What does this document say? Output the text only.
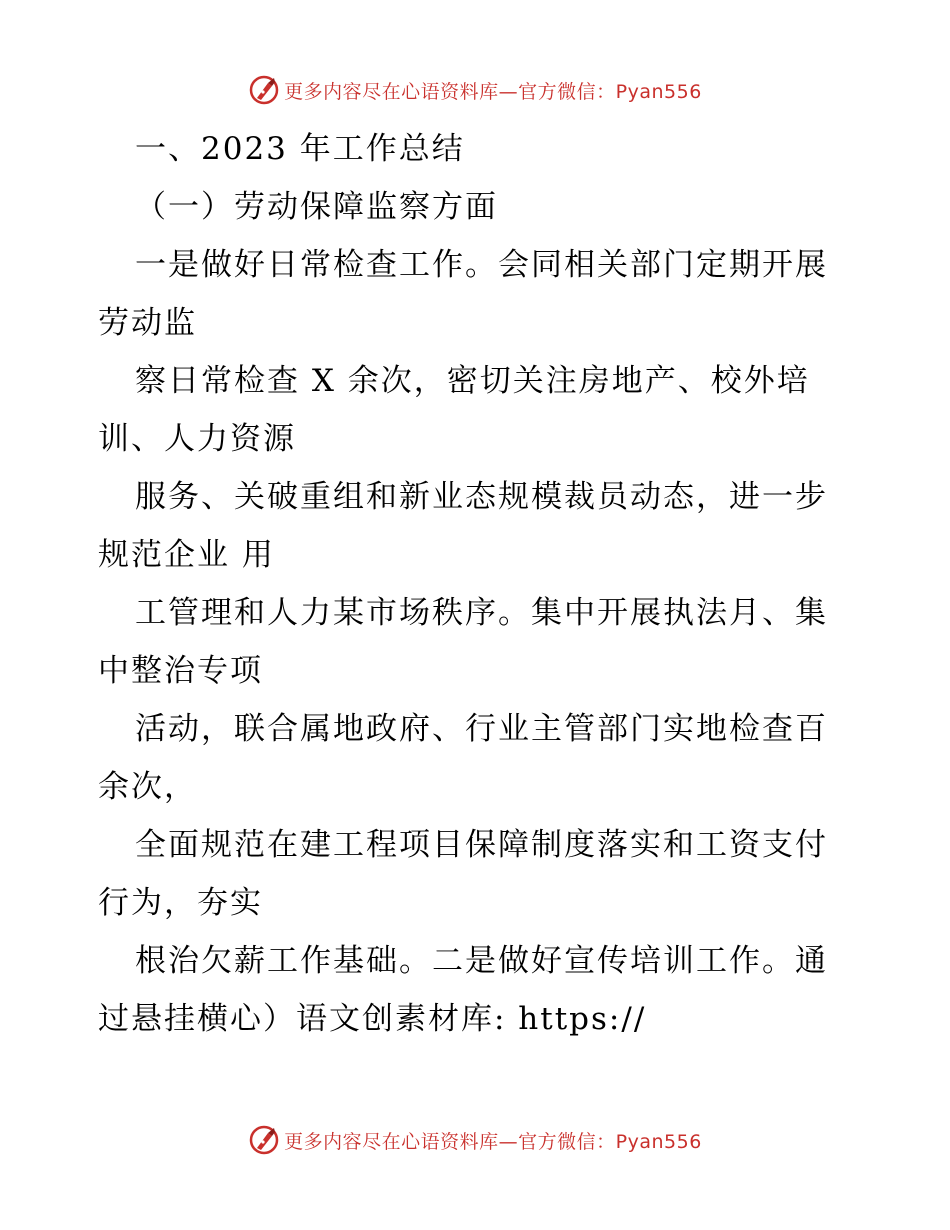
更多内容尽在心语资料库—官方微信：Pyan556
一、2023 年工作总结
（一）劳动保障监察方面
一是做好日常检查工作。会同相关部门定期开展
劳动监
察日常检查 X 余次，密切关注房地产、校外培
训、人力资源
服务、关破重组和新业态规模裁员动态，进一步
规范企业 用
工管理和人力某市场秩序。集中开展执法月、集
中整治专项
活动，联合属地政府、行业主管部门实地检查百
余次，
全面规范在建工程项目保障制度落实和工资支付
行为，夯实
根治欠薪工作基础。二是做好宣传培训工作。通
过悬挂横心）语文创素材库: https://
更多内容尽在心语资料库—官方微信：Pyan556
